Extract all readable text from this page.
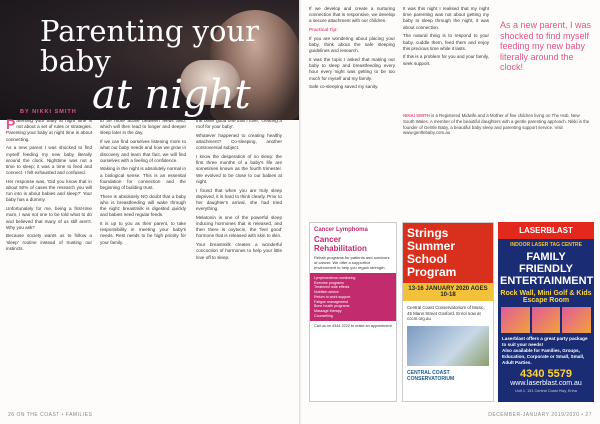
Parenting your baby
at night
BY NIKKI SMITH

Parenting your baby at night time is not about a set of rules or strategies. Parenting your baby at night time is about connecting.

As a new parent I was shocked to find myself feeding my new baby literally around the clock. Nighttime was not a time to sleep; it was a time to feed and connect. I felt exhausted and confused.

Her response was, 'Did you know that in about 50% of cases the research you will run into is about babies and sleep?' Your baby has a dummy.

Unfortunately for me, being a first-time mum, I was not one to be told what to do and believed that many of us still aren't. Why you ask?

Because society wants us to follow a 'sleep' routine instead of trusting our instincts.

to be more active between feeds also, which will then lead to longer and deeper sleep later in the day.

If we can find ourselves listening more to what our baby needs and how we grow in discovery and learn that fact, we will find ourselves with a feeling of confidence.

Waking in the night is absolutely normal in a biological sense. This is an essential foundation for connection and the beginning of building trust.

There is absolutely NO doubt that a baby who is breastfeeding will wake through the night: breastmilk is digested quickly and babies need regular feeds.

It is up to you as their parent, to take responsibility in meeting your baby's needs. Rest needs to be high priority for your family.

the other good one that I love, 'creating a roof for your baby'.

Whatever happened to creating healthy attachment? Co-sleeping, another controversial subject.

I know the desperation of no sleep: the first three months of a baby's life are sometimes known as the fourth trimester. We evolved to be close to our babies at night.

I found that when you are truly sleep deprived, it is hard to think clearly. Prior to her daughter's arrival, she had tried everything.

Melatonin is one of the powerful sleep inducing hormones that is released, and then there is oxytocin, the 'feel good' hormone that is released with skin to skin.

Your breastmilk creates a wonderful concoction of hormones to help your little love off to sleep.

If we develop and create a nurturing connection that is responsive, we develop a secure attachment with our children.

Practical Tip:

If you are wondering about placing your baby, think about the safe sleeping guidelines and research.

It was the topic I asked that making our baby to sleep and breastfeeding every hour every night was getting to be too much for myself and my family.

Safe co-sleeping saved my sanity.

It was this night I realised that my night time parenting was not about getting my baby to sleep through the night, it was about connection.

The natural thing is to respond to your baby, cuddle them, feed them and enjoy this precious time while it lasts.

If this is a problem for you and your family, seek support.

As a new parent, I was shocked to find myself feeding my new baby literally around the clock!
NIKKI SMITH is a Registered Midwife and a Mother of five children living on The Hub, New South Wales. A member of the beautiful daughters with a gentle parenting approach. Nikki is the founder of Gentle Baby, a beautiful baby sleep and parenting support service. Visit www.gentlebaby.com.au
Cancer Lymphoma
Cancer Rehabilitation
Rehab programs for patients and survivors of cancer. We offer a supportive environment to help you regain strength.
Lymphoedema monitoring
Exercise programs
Treatment side effects
Nutrition advice
Return to work support
Fatigue management
Bone health programs
Massage therapy
Counselling
Call us on 4344 2222 to make an appointment
Strings Summer School Program
13-16 JANUARY 2020 AGES 10-18
Central Coast Conservatorium of Music, 45 Mann Street Gosford. Enrol now at cccm.org.au
CENTRAL COAST CONSERVATORIUM
LASERBLAST
INDOOR LASER TAG CENTRE
FAMILY FRIENDLY ENTERTAINMENT
Rock Wall, Mini Golf & Kids Escape Room
Laserblast offers a great party package to suit your needs!
Also available for Families, Groups, Education, Corporate or Small, Small, Adult Parties.
4340 5579
www.laserblast.com.au
Unit 1, 151 Central Coast Hwy, Erina
26 ON THE COAST • FAMILIES	DECEMBER-JANUARY 2019/2020 • 27
